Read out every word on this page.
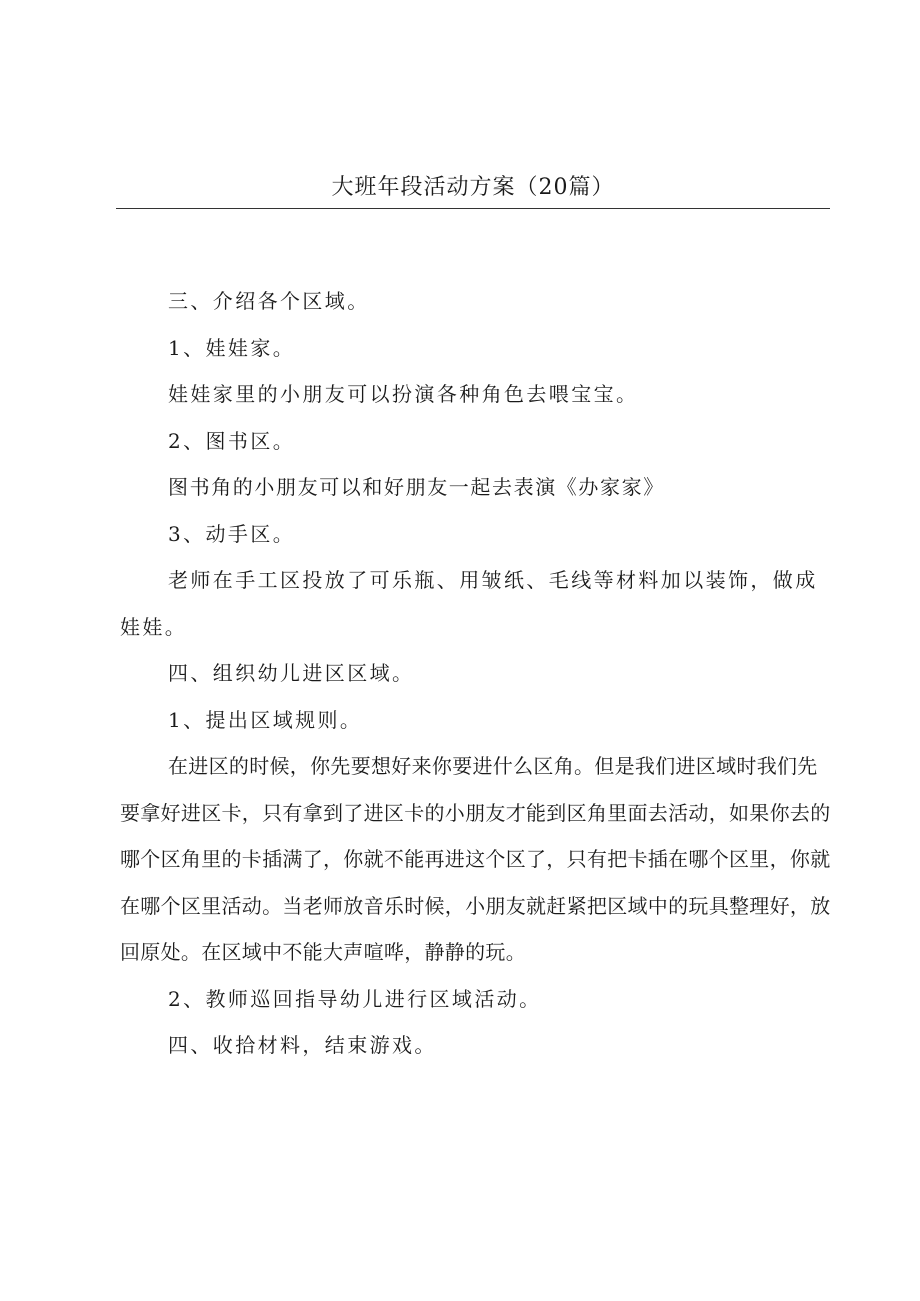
大班年段活动方案（20篇）

三、介绍各个区域。

1、娃娃家。

娃娃家里的小朋友可以扮演各种角色去喂宝宝。

2、图书区。

图书角的小朋友可以和好朋友一起去表演《办家家》

3、动手区。

老师在手工区投放了可乐瓶、用皱纸、毛线等材料加以装饰，做成娃娃。

四、组织幼儿进区区域。

1、提出区域规则。

在进区的时候，你先要想好来你要进什么区角。但是我们进区域时我们先要拿好进区卡，只有拿到了进区卡的小朋友才能到区角里面去活动，如果你去的哪个区角里的卡插满了，你就不能再进这个区了，只有把卡插在哪个区里，你就在哪个区里活动。当老师放音乐时候，小朋友就赶紧把区域中的玩具整理好，放回原处。在区域中不能大声喧哗，静静的玩。

2、教师巡回指导幼儿进行区域活动。

四、收拾材料，结束游戏。
